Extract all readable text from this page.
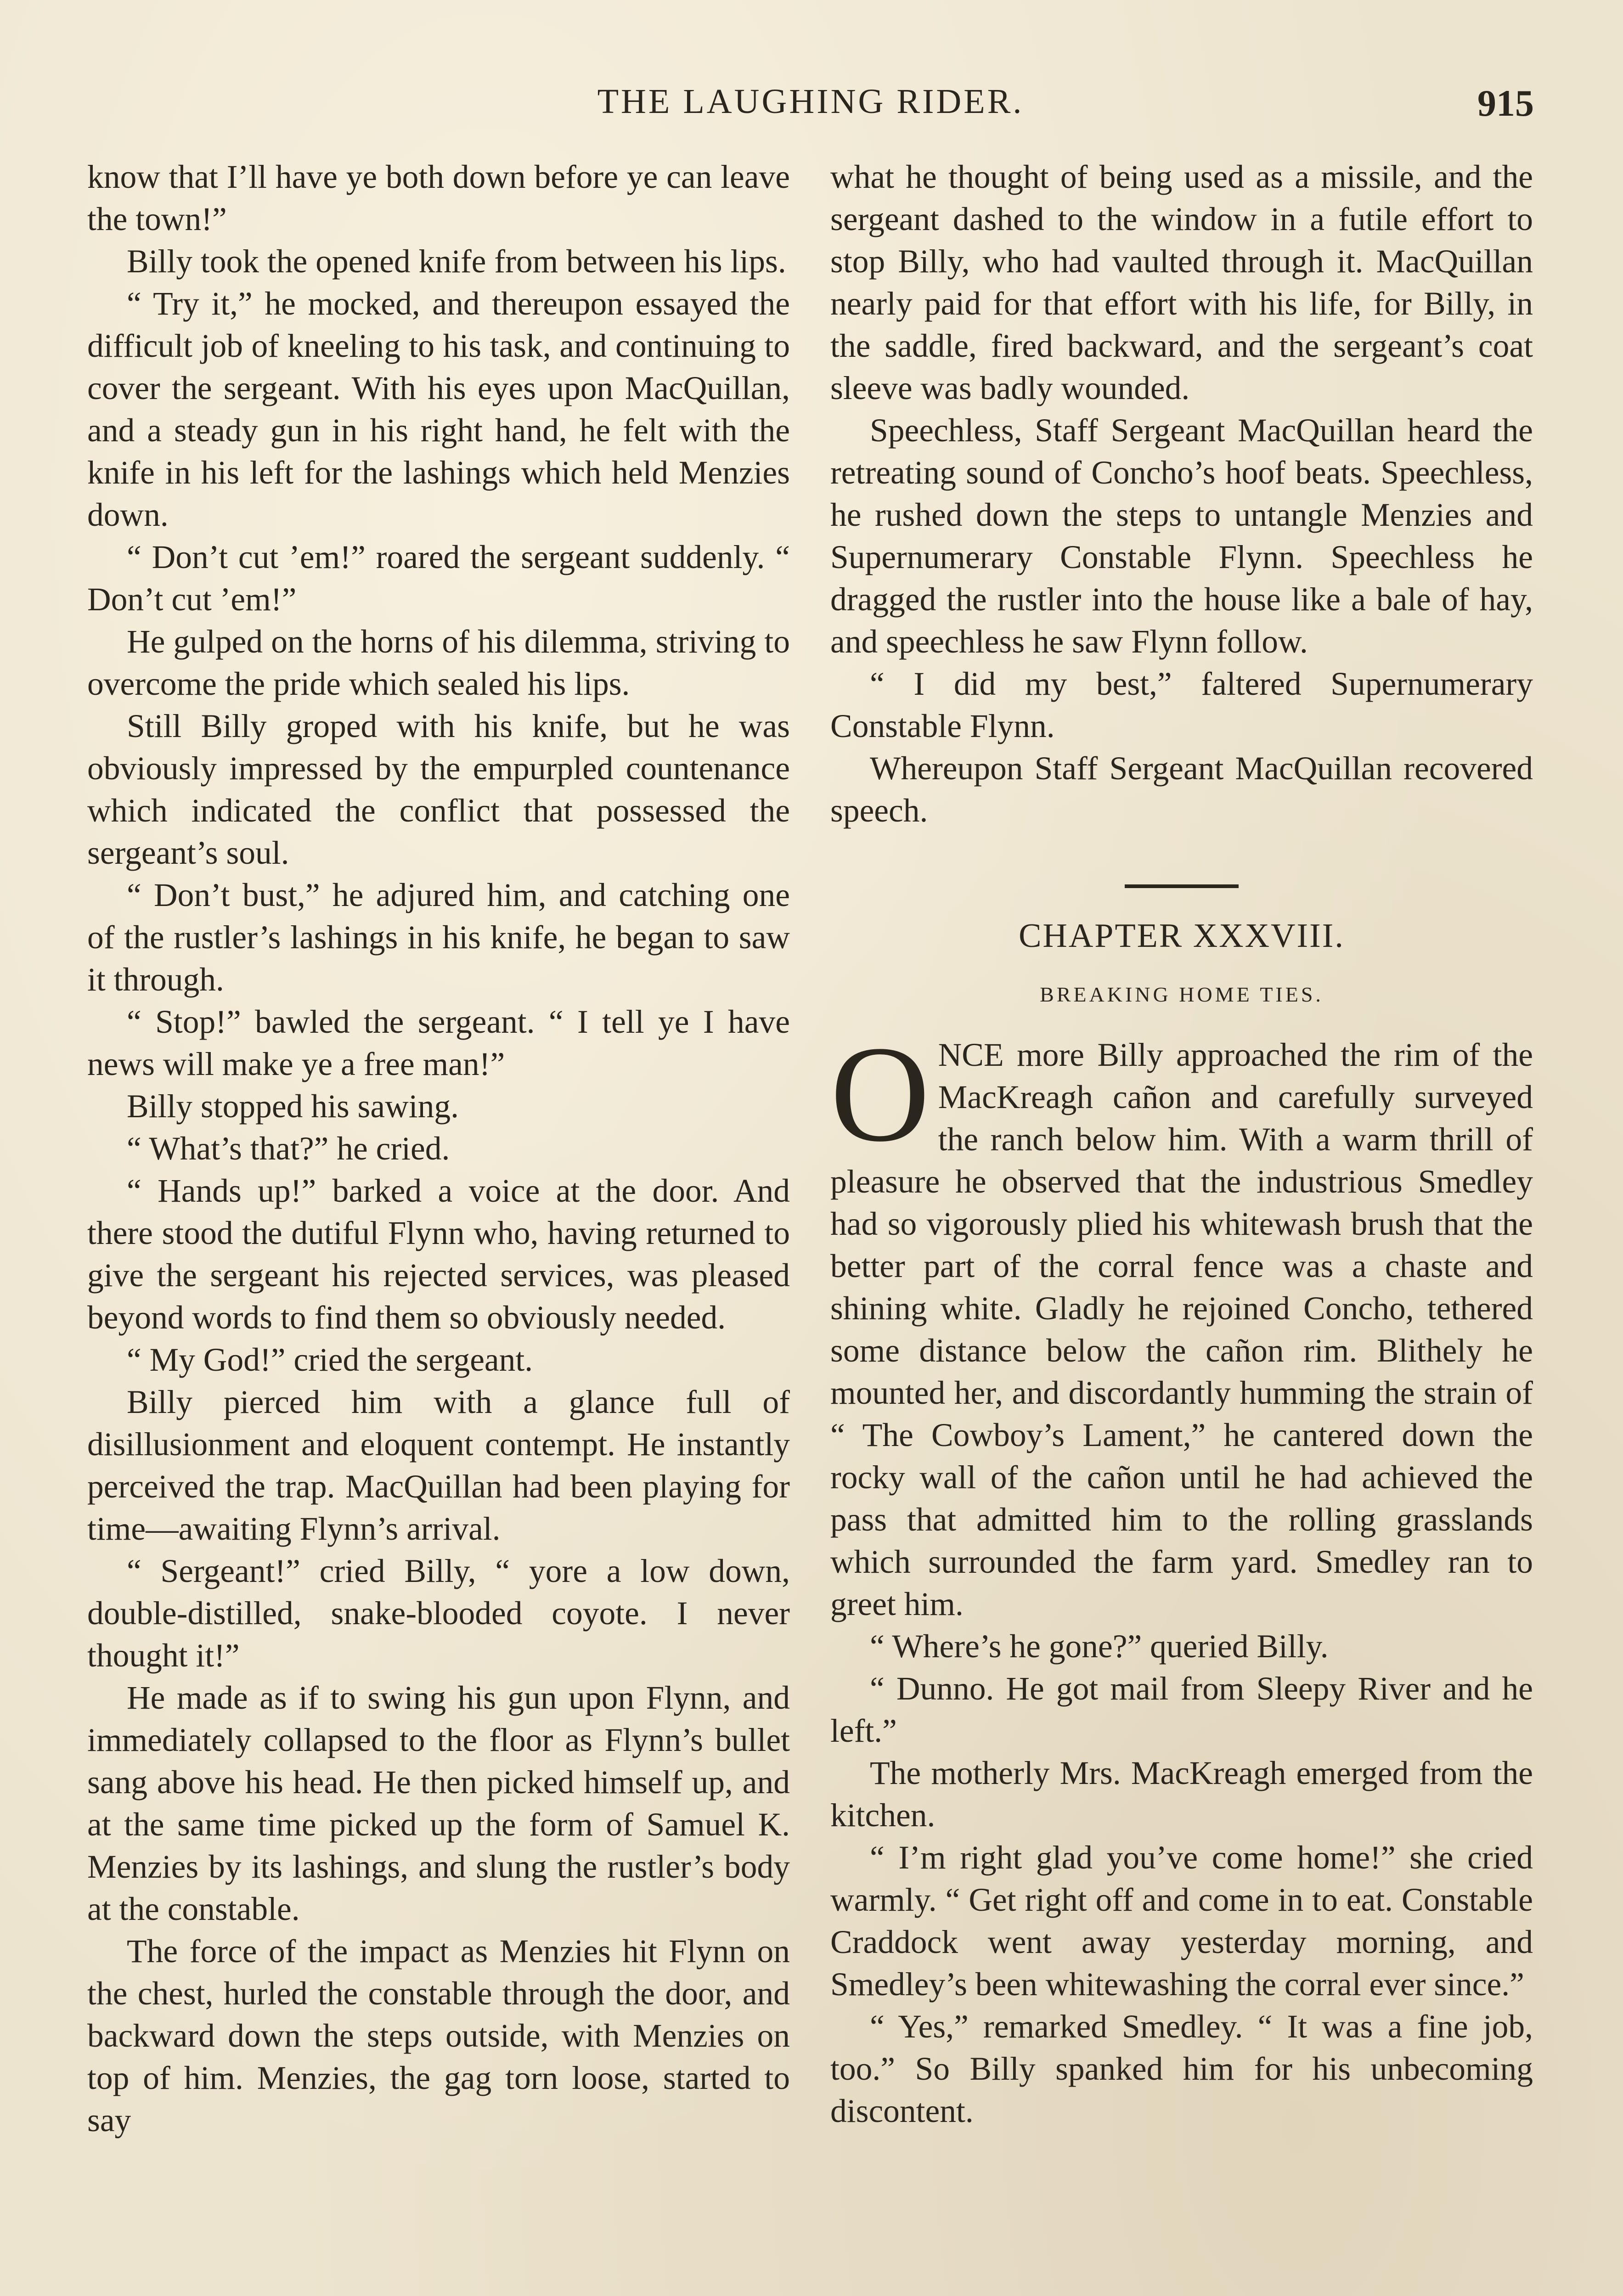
THE LAUGHING RIDER.	915

know that I’ll have ye both down before ye can leave the town!”

Billy took the opened knife from between his lips.

“ Try it,” he mocked, and thereupon essayed the difficult job of kneeling to his task, and continuing to cover the sergeant. With his eyes upon MacQuillan, and a steady gun in his right hand, he felt with the knife in his left for the lashings which held Menzies down.

“ Don’t cut ’em!” roared the sergeant suddenly. “ Don’t cut ’em!”

He gulped on the horns of his dilemma, striving to overcome the pride which sealed his lips.

Still Billy groped with his knife, but he was obviously impressed by the empurpled countenance which indicated the conflict that possessed the sergeant’s soul.

“ Don’t bust,” he adjured him, and catching one of the rustler’s lashings in his knife, he began to saw it through.

“ Stop!” bawled the sergeant. “ I tell ye I have news will make ye a free man!”

Billy stopped his sawing.

“ What’s that?” he cried.

“ Hands up!” barked a voice at the door. And there stood the dutiful Flynn who, having returned to give the sergeant his rejected services, was pleased beyond words to find them so obviously needed.

“ My God!” cried the sergeant.

Billy pierced him with a glance full of disillusionment and eloquent contempt. He instantly perceived the trap. MacQuillan had been playing for time—awaiting Flynn’s arrival.

“ Sergeant!” cried Billy, “ yore a low down, double-distilled, snake-blooded coyote. I never thought it!”

He made as if to swing his gun upon Flynn, and immediately collapsed to the floor as Flynn’s bullet sang above his head. He then picked himself up, and at the same time picked up the form of Samuel K. Menzies by its lashings, and slung the rustler’s body at the constable.

The force of the impact as Menzies hit Flynn on the chest, hurled the constable through the door, and backward down the steps outside, with Menzies on top of him. Menzies, the gag torn loose, started to say

what he thought of being used as a missile, and the sergeant dashed to the window in a futile effort to stop Billy, who had vaulted through it. MacQuillan nearly paid for that effort with his life, for Billy, in the saddle, fired backward, and the sergeant’s coat sleeve was badly wounded.

Speechless, Staff Sergeant MacQuillan heard the retreating sound of Concho’s hoof beats. Speechless, he rushed down the steps to untangle Menzies and Supernumerary Constable Flynn. Speechless he dragged the rustler into the house like a bale of hay, and speechless he saw Flynn follow.

“ I did my best,” faltered Supernumerary Constable Flynn.

Whereupon Staff Sergeant MacQuillan recovered speech.

CHAPTER XXXVIII.
BREAKING HOME TIES.

ONCE more Billy approached the rim of the MacKreagh cañon and carefully surveyed the ranch below him. With a warm thrill of pleasure he observed that the industrious Smedley had so vigorously plied his whitewash brush that the better part of the corral fence was a chaste and shining white. Gladly he rejoined Concho, tethered some distance below the cañon rim. Blithely he mounted her, and discordantly humming the strain of “ The Cowboy’s Lament,” he cantered down the rocky wall of the cañon until he had achieved the pass that admitted him to the rolling grasslands which surrounded the farm yard. Smedley ran to greet him.

“ Where’s he gone?” queried Billy.

“ Dunno. He got mail from Sleepy River and he left.”

The motherly Mrs. MacKreagh emerged from the kitchen.

“ I’m right glad you’ve come home!” she cried warmly. “ Get right off and come in to eat. Constable Craddock went away yesterday morning, and Smedley’s been whitewashing the corral ever since.”

“ Yes,” remarked Smedley. “ It was a fine job, too.” So Billy spanked him for his unbecoming discontent.
